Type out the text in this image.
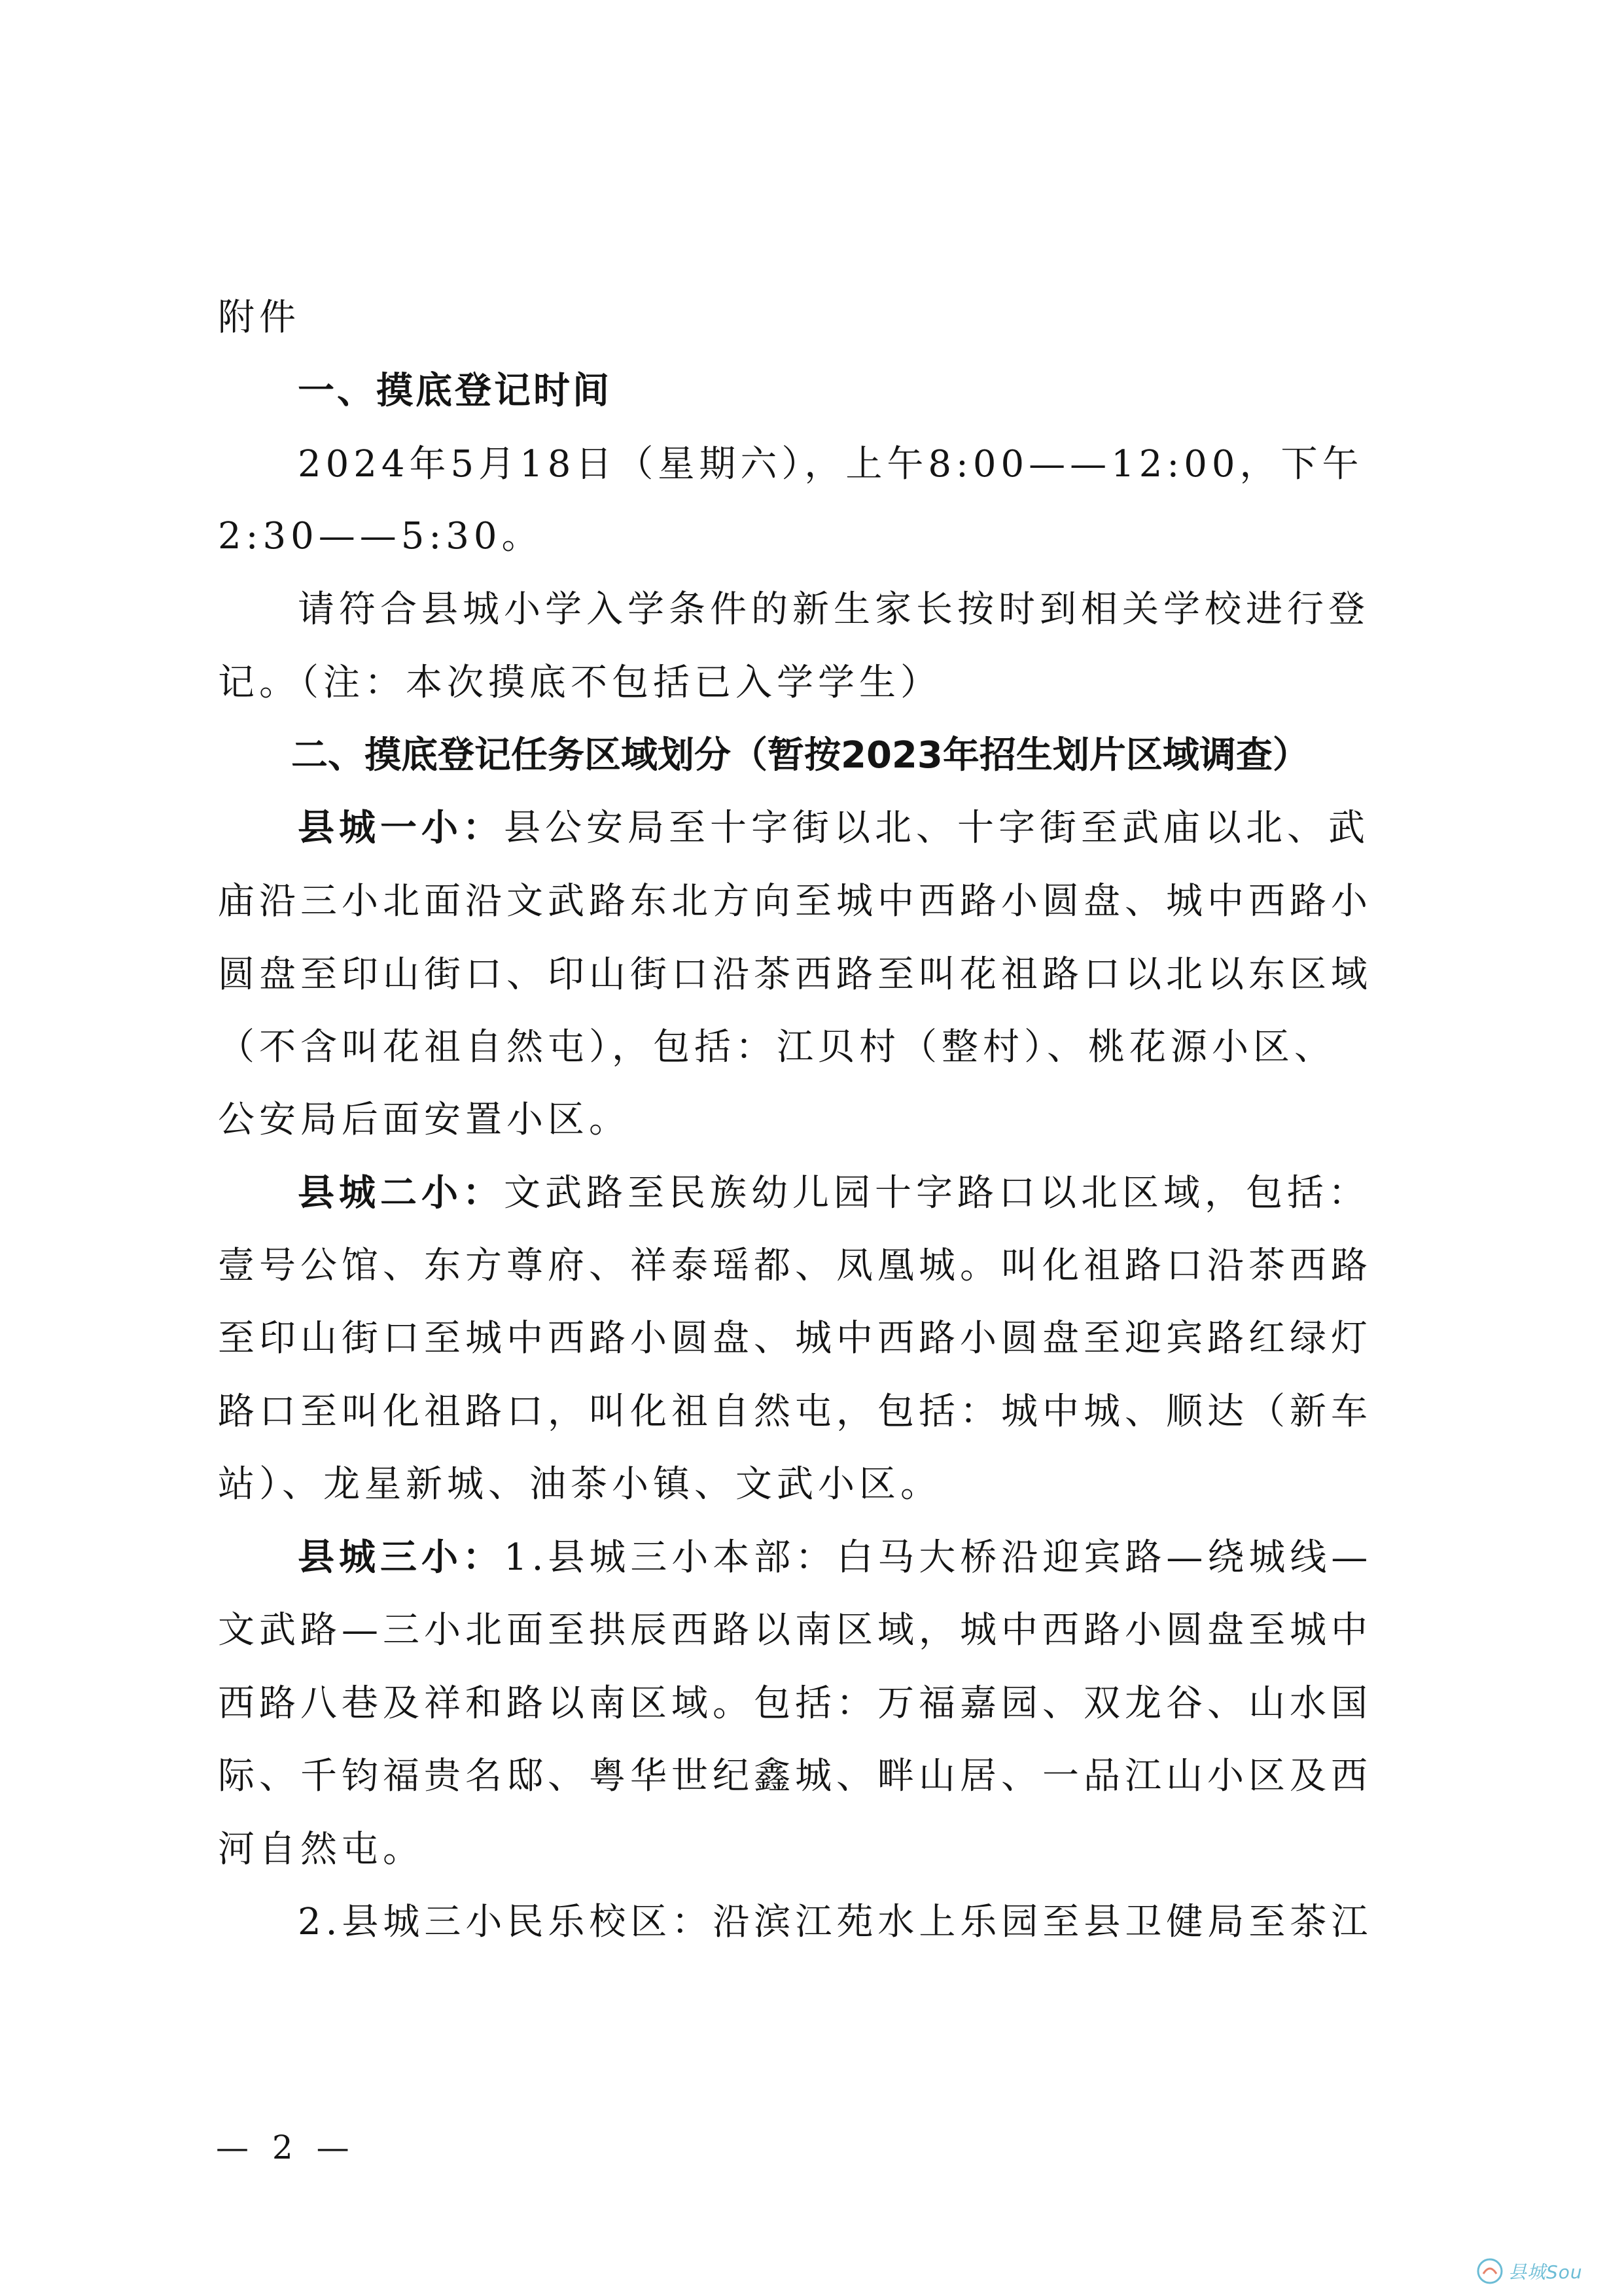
附件
一、摸底登记时间
2024年5月18日（星期六），上午8:00——12:00，下午
2:30——5:30。
请符合县城小学入学条件的新生家长按时到相关学校进行登
记。（注：本次摸底不包括已入学学生）
二、摸底登记任务区域划分（暂按2023年招生划片区域调查）
县城一小：县公安局至十字街以北、十字街至武庙以北、武
庙沿三小北面沿文武路东北方向至城中西路小圆盘、城中西路小
圆盘至印山街口、印山街口沿茶西路至叫花祖路口以北以东区域
（不含叫花祖自然屯），包括：江贝村（整村）、桃花源小区、
公安局后面安置小区。
县城二小：文武路至民族幼儿园十字路口以北区域，包括：
壹号公馆、东方尊府、祥泰瑶都、凤凰城。叫化祖路口沿茶西路
至印山街口至城中西路小圆盘、城中西路小圆盘至迎宾路红绿灯
路口至叫化祖路口，叫化祖自然屯，包括：城中城、顺达（新车
站）、龙星新城、油茶小镇、文武小区。
县城三小：1.县城三小本部：白马大桥沿迎宾路—绕城线—
文武路—三小北面至拱辰西路以南区域，城中西路小圆盘至城中
西路八巷及祥和路以南区域。包括：万福嘉园、双龙谷、山水国
际、千钧福贵名邸、粤华世纪鑫城、畔山居、一品江山小区及西
河自然屯。
2.县城三小民乐校区：沿滨江苑水上乐园至县卫健局至茶江
— 2 —
县城Sou
